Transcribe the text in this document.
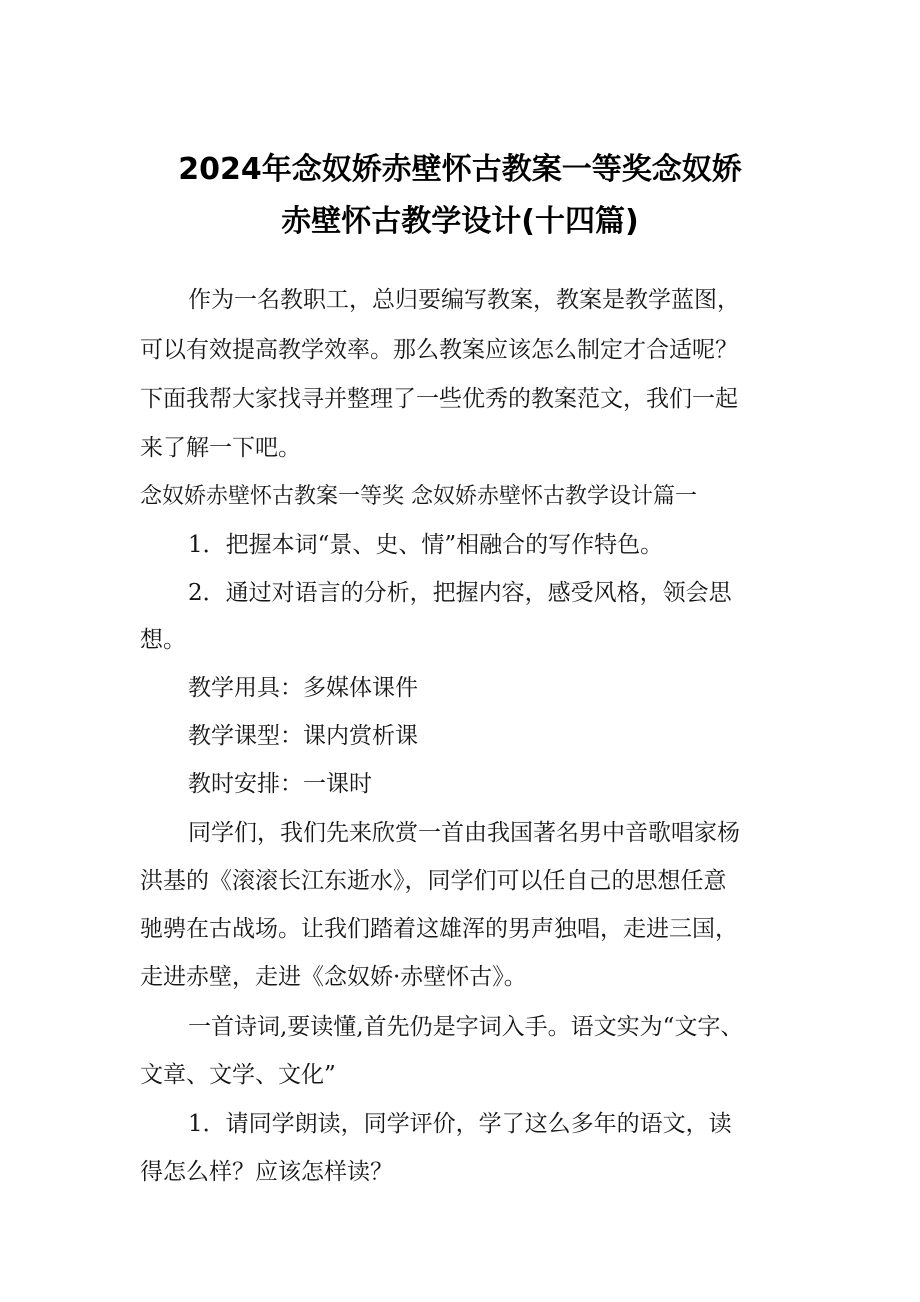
2024年念奴娇赤壁怀古教案一等奖念奴娇
赤壁怀古教学设计(十四篇)
作为一名教职工，总归要编写教案，教案是教学蓝图，
可以有效提高教学效率。那么教案应该怎么制定才合适呢？
下面我帮大家找寻并整理了一些优秀的教案范文，我们一起
来了解一下吧。
念奴娇赤壁怀古教案一等奖 念奴娇赤壁怀古教学设计篇一
1．把握本词“景、史、情”相融合的写作特色。
2．通过对语言的分析，把握内容，感受风格，领会思
想。
教学用具：多媒体课件
教学课型：课内赏析课
教时安排：一课时
同学们，我们先来欣赏一首由我国著名男中音歌唱家杨
洪基的《滚滚长江东逝水》，同学们可以任自己的思想任意
驰骋在古战场。让我们踏着这雄浑的男声独唱，走进三国，
走进赤壁，走进《念奴娇·赤壁怀古》。
一首诗词,要读懂,首先仍是字词入手。语文实为“文字、
文章、文学、文化”
1．请同学朗读，同学评价，学了这么多年的语文，读
得怎么样？应该怎样读？
